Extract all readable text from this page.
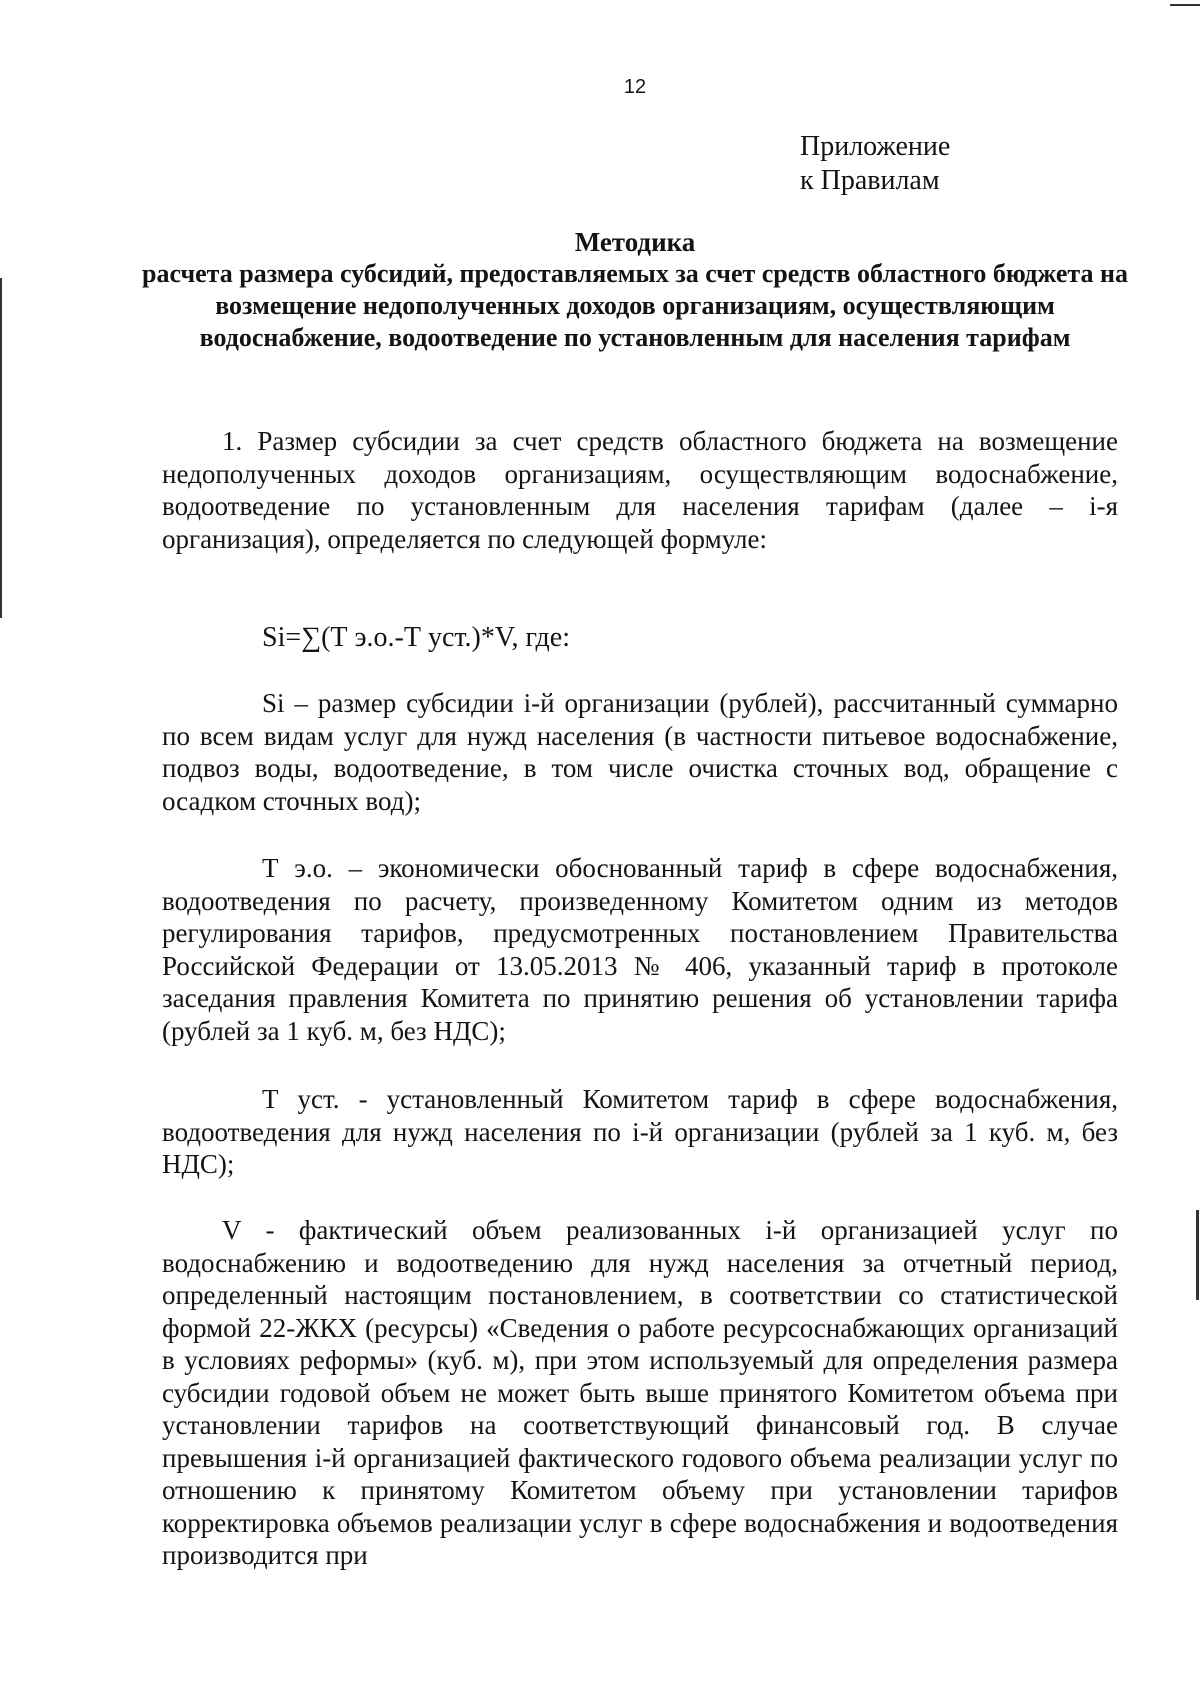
12
Приложение
к Правилам
Методика
расчета размера субсидий, предоставляемых за счет средств областного бюджета на возмещение недополученных доходов организациям, осуществляющим водоснабжение, водоотведение по установленным для населения тарифам

1. Размер субсидии за счет средств областного бюджета на возмещение недополученных доходов организациям, осуществляющим водоснабжение, водоотведение по установленным для населения тарифам (далее – i-я организация), определяется по следующей формуле:

Si=∑(Т э.о.-Т уст.)*V, где:

Si – размер субсидии i-й организации (рублей), рассчитанный суммарно по всем видам услуг для нужд населения (в частности питьевое водоснабжение, подвоз воды, водоотведение, в том числе очистка сточных вод, обращение с осадком сточных вод);

Т э.о. – экономически обоснованный тариф в сфере водоснабжения, водоотведения по расчету, произведенному Комитетом одним из методов регулирования тарифов, предусмотренных постановлением Правительства Российской Федерации от 13.05.2013 № 406, указанный тариф в протоколе заседания правления Комитета по принятию решения об установлении тарифа (рублей за 1 куб. м, без НДС);

Т уст. - установленный Комитетом тариф в сфере водоснабжения, водоотведения для нужд населения по i-й организации (рублей за 1 куб. м, без НДС);

V - фактический объем реализованных i-й организацией услуг по водоснабжению и водоотведению для нужд населения за отчетный период, определенный настоящим постановлением, в соответствии со статистической формой 22-ЖКХ (ресурсы) «Сведения о работе ресурсоснабжающих организаций в условиях реформы» (куб. м), при этом используемый для определения размера субсидии годовой объем не может быть выше принятого Комитетом объема при установлении тарифов на соответствующий финансовый год. В случае превышения i-й организацией фактического годового объема реализации услуг по отношению к принятому Комитетом объему при установлении тарифов корректировка объемов реализации услуг в сфере водоснабжения и водоотведения производится при
